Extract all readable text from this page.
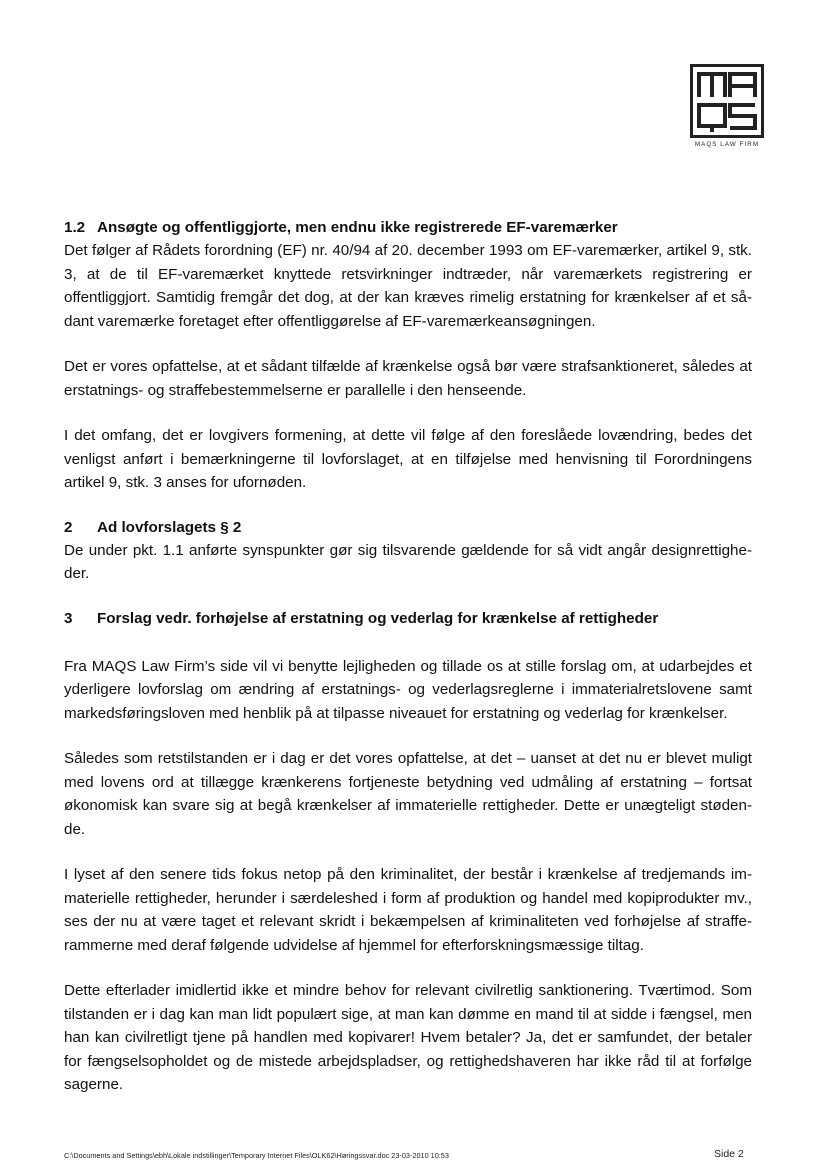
MAQS LAW FIRM
1.2 Ansøgte og offentliggjorte, men endnu ikke registrerede EF-varemærker

Det følger af Rådets forordning (EF) nr. 40/94 af 20. december 1993 om EF-varemærker, artikel 9, stk. 3, at de til EF-varemærket knyttede retsvirkninger indtræder, når varemærkets registrering er offentliggjort. Samtidig fremgår det dog, at der kan kræves rimelig erstatning for krænkelser af et sådant varemærke foretaget efter offentliggørelse af EF-varemærkeansøgningen.

Det er vores opfattelse, at et sådant tilfælde af krænkelse også bør være strafsanktioneret, således at erstatnings- og straffebestemmelserne er parallelle i den henseende.

I det omfang, det er lovgivers formening, at dette vil følge af den foreslåede lovændring, bedes det venligst anført i bemærkningerne til lovforslaget, at en tilføjelse med henvisning til Forordningens artikel 9, stk. 3 anses for ufornøden.

2 Ad lovforslagets § 2

De under pkt. 1.1 anførte synspunkter gør sig tilsvarende gældende for så vidt angår designrettigheder.

3 Forslag vedr. forhøjelse af erstatning og vederlag for krænkelse af rettigheder

Fra MAQS Law Firm’s side vil vi benytte lejligheden og tillade os at stille forslag om, at udarbejdes et yderligere lovforslag om ændring af erstatnings- og vederlagsreglerne i immaterialretslovene samt markedsføringsloven med henblik på at tilpasse niveauet for erstatning og vederlag for krænkelser.

Således som retstilstanden er i dag er det vores opfattelse, at det – uanset at det nu er blevet muligt med lovens ord at tillægge krænkerens fortjeneste betydning ved udmåling af erstatning – fortsat økonomisk kan svare sig at begå krænkelser af immaterielle rettigheder. Dette er unægteligt stødende.

I lyset af den senere tids fokus netop på den kriminalitet, der består i krænkelse af tredjemands immaterielle rettigheder, herunder i særdeleshed i form af produktion og handel med kopiprodukter mv., ses der nu at være taget et relevant skridt i bekæmpelsen af kriminaliteten ved forhøjelse af strafferammerne med deraf følgende udvidelse af hjemmel for efterforskningsmæssige tiltag.

Dette efterlader imidlertid ikke et mindre behov for relevant civilretlig sanktionering. Tværtimod. Som tilstanden er i dag kan man lidt populært sige, at man kan dømme en mand til at sidde i fængsel, men han kan civilretligt tjene på handlen med kopivarer! Hvem betaler? Ja, det er samfundet, der betaler for fængselsopholdet og de mistede arbejdspladser, og rettighedshaveren har ikke råd til at forfølge sagerne.

C:\Documents and Settings\ebh\Lokale indstillinger\Temporary Internet Files\OLK62\Høringssvar.doc 23-03-2010 10:53	Side 2
